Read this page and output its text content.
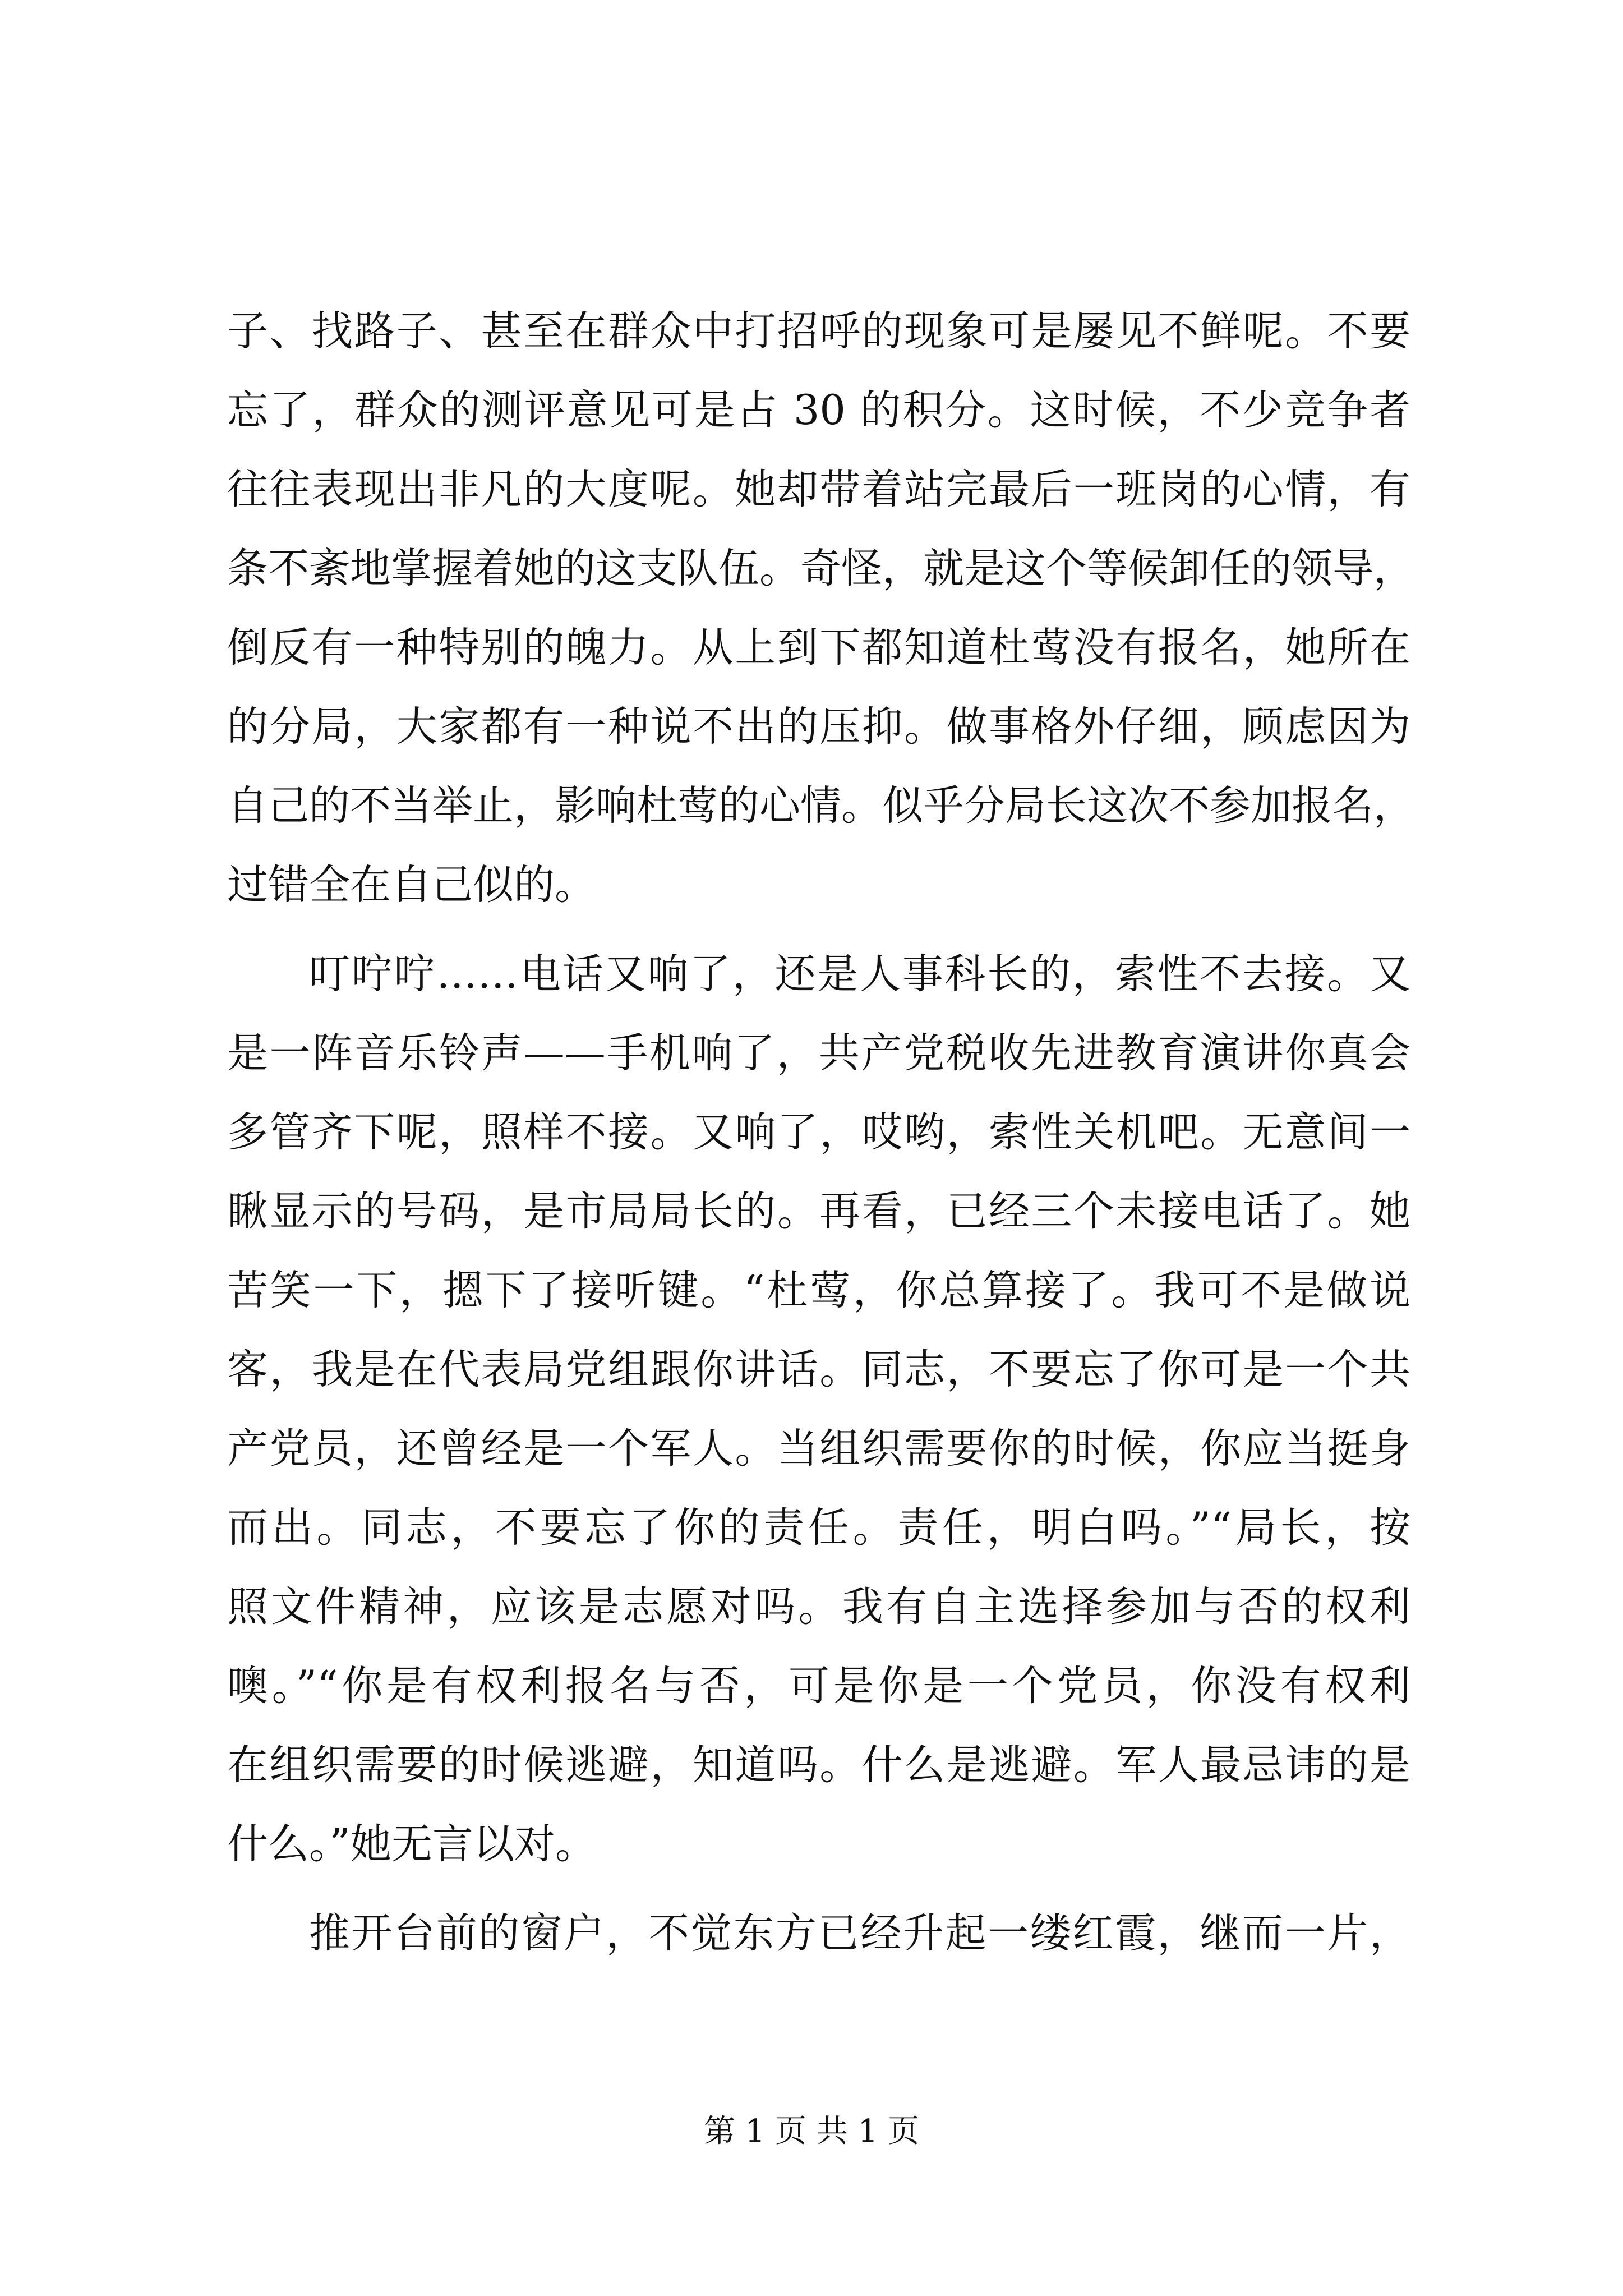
子、找路子、甚至在群众中打招呼的现象可是屡见不鲜呢。不要
忘了，群众的测评意见可是占 30 的积分。这时候，不少竞争者
往往表现出非凡的大度呢。她却带着站完最后一班岗的心情，有
条不紊地掌握着她的这支队伍。奇怪，就是这个等候卸任的领导，
倒反有一种特别的魄力。从上到下都知道杜莺没有报名，她所在
的分局，大家都有一种说不出的压抑。做事格外仔细，顾虑因为
自己的不当举止，影响杜莺的心情。似乎分局长这次不参加报名，
过错全在自己似的。
叮咛咛……电话又响了，还是人事科长的，索性不去接。又
是一阵音乐铃声——手机响了，共产党税收先进教育演讲你真会
多管齐下呢，照样不接。又响了，哎哟，索性关机吧。无意间一
瞅显示的号码，是市局局长的。再看，已经三个未接电话了。她
苦笑一下，摁下了接听键。“杜莺，你总算接了。我可不是做说
客，我是在代表局党组跟你讲话。同志，不要忘了你可是一个共
产党员，还曾经是一个军人。当组织需要你的时候，你应当挺身
而出。同志，不要忘了你的责任。责任，明白吗。”“局长，按
照文件精神，应该是志愿对吗。我有自主选择参加与否的权利
噢。”“你是有权利报名与否，可是你是一个党员，你没有权利
在组织需要的时候逃避，知道吗。什么是逃避。军人最忌讳的是
什么。”她无言以对。
推开台前的窗户，不觉东方已经升起一缕红霞，继而一片，
第 1 页 共 1 页
